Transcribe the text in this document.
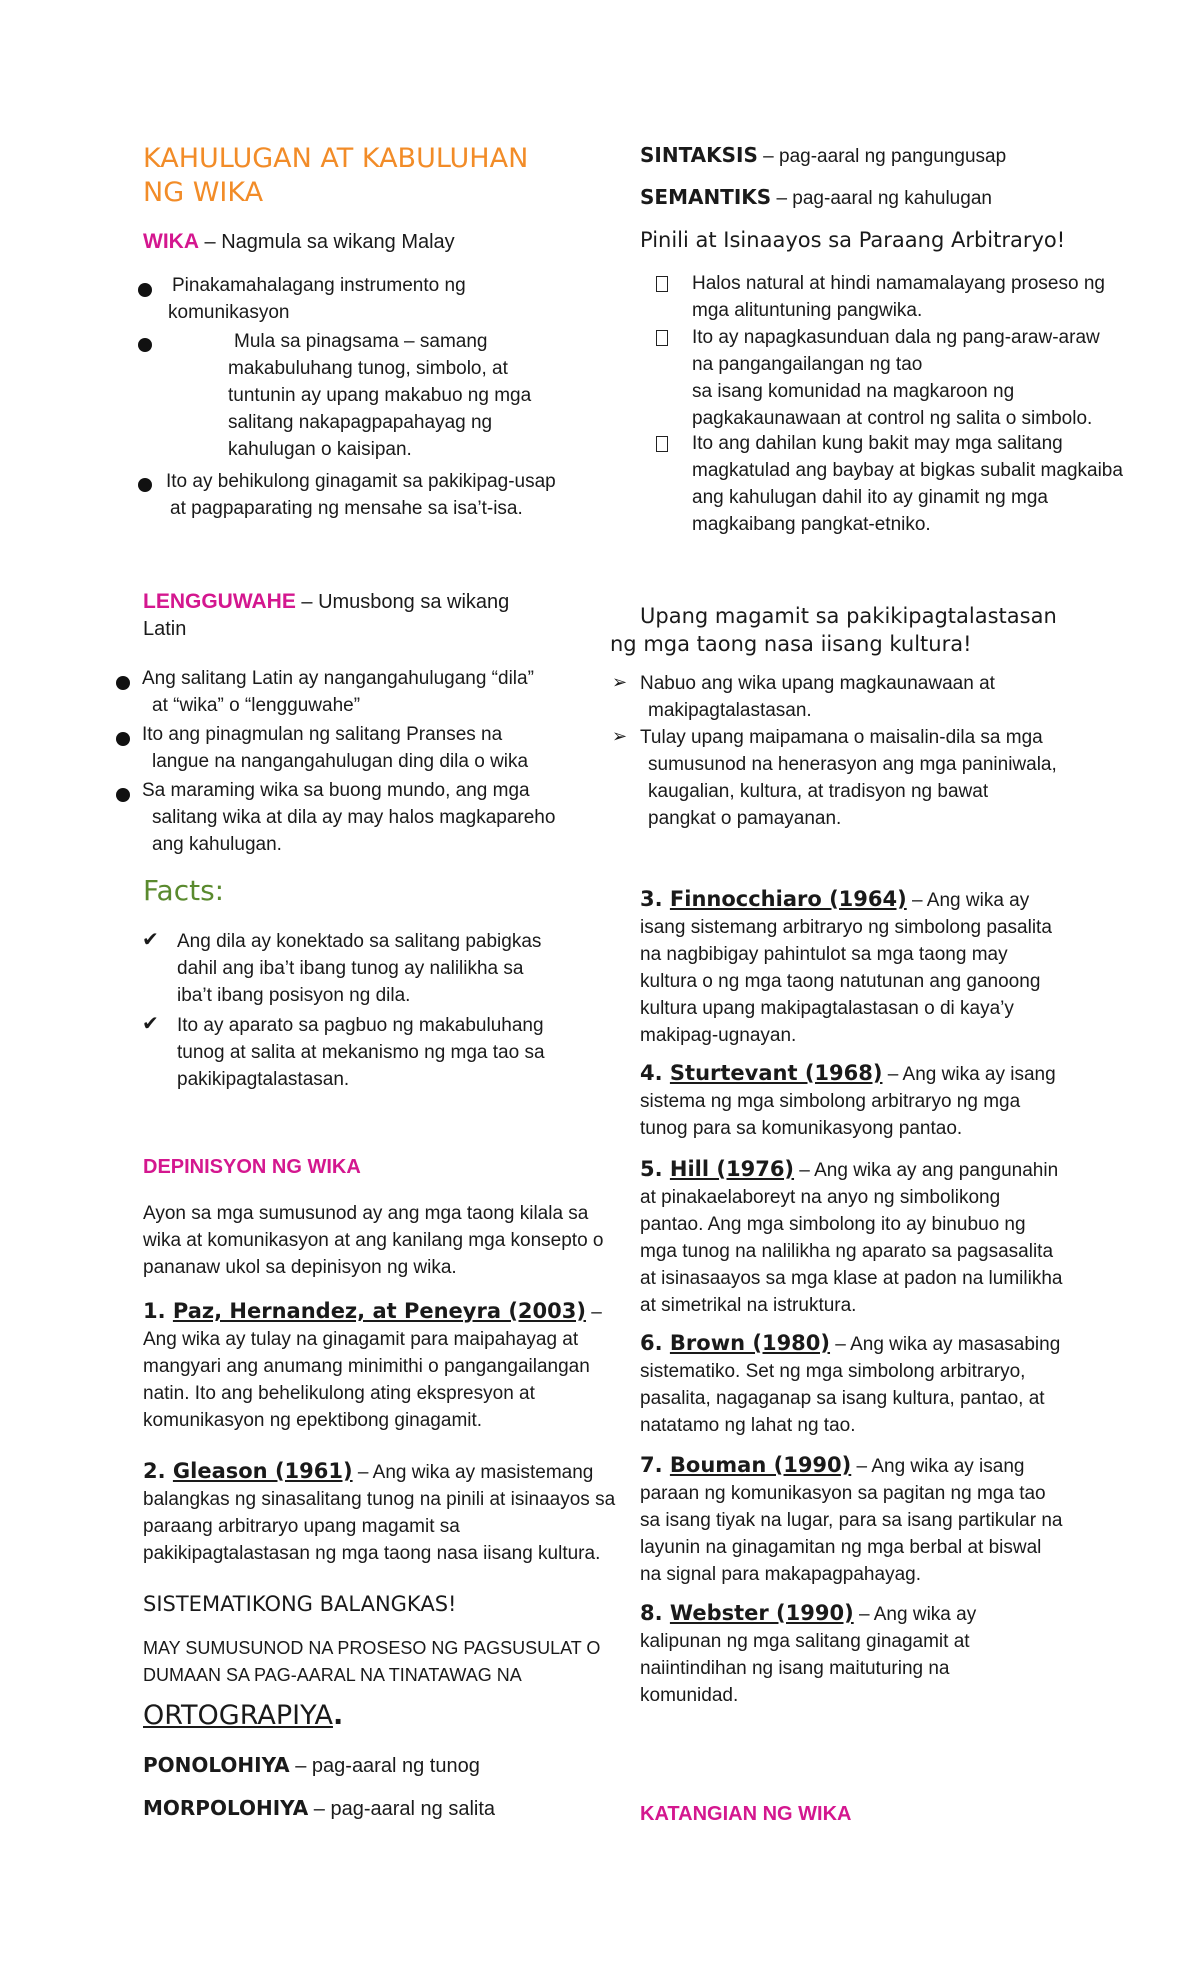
KAHULUGAN AT KABULUHAN
NG WIKA
WIKA – Nagmula sa wikang Malay
Pinakamahalagang instrumento ng
komunikasyon
Mula sa pinagsama – samang
makabuluhang tunog, simbolo, at
tuntunin ay upang makabuo ng mga
salitang nakapagpapahayag ng
kahulugan o kaisipan.
Ito ay behikulong ginagamit sa pakikipag-usap
at pagpaparating ng mensahe sa isa’t-isa.
LENGGUWAHE – Umusbong sa wikang
Latin
Ang salitang Latin ay nangangahulugang “dila”
at “wika” o “lengguwahe”
Ito ang pinagmulan ng salitang Pranses na
langue na nangangahulugan ding dila o wika
Sa maraming wika sa buong mundo, ang mga
salitang wika at dila ay may halos magkapareho
ang kahulugan.
Facts:
✔ Ang dila ay konektado sa salitang pabigkas
dahil ang iba’t ibang tunog ay nalilikha sa
iba’t ibang posisyon ng dila.
✔ Ito ay aparato sa pagbuo ng makabuluhang
tunog at salita at mekanismo ng mga tao sa
pakikipagtalastasan.
DEPINISYON NG WIKA
Ayon sa mga sumusunod ay ang mga taong kilala sa
wika at komunikasyon at ang kanilang mga konsepto o
pananaw ukol sa depinisyon ng wika.
1. Paz, Hernandez, at Peneyra (2003) –
Ang wika ay tulay na ginagamit para maipahayag at
mangyari ang anumang minimithi o pangangailangan
natin. Ito ang behelikulong ating ekspresyon at
komunikasyon ng epektibong ginagamit.
2. Gleason (1961) – Ang wika ay masistemang
balangkas ng sinasalitang tunog na pinili at isinaayos sa
paraang arbitraryo upang magamit sa
pakikipagtalastasan ng mga taong nasa iisang kultura.
SISTEMATIKONG BALANGKAS!
MAY SUMUSUNOD NA PROSESO NG PAGSUSULAT O
DUMAAN SA PAG-AARAL NA TINATAWAG NA
ORTOGRAPIYA.
PONOLOHIYA – pag-aaral ng tunog
MORPOLOHIYA – pag-aaral ng salita
SINTAKSIS – pag-aaral ng pangungusap
SEMANTIKS – pag-aaral ng kahulugan
Pinili at Isinaayos sa Paraang Arbitraryo!
Halos natural at hindi namamalayang proseso ng
mga alituntuning pangwika.
Ito ay napagkasunduan dala ng pang-araw-araw
na pangangailangan ng tao
sa isang komunidad na magkaroon ng
pagkakaunawaan at control ng salita o simbolo.
Ito ang dahilan kung bakit may mga salitang
magkatulad ang baybay at bigkas subalit magkaiba
ang kahulugan dahil ito ay ginamit ng mga
magkaibang pangkat-etniko.
Upang magamit sa pakikipagtalastasan
ng mga taong nasa iisang kultura!
➢ Nabuo ang wika upang magkaunawaan at
makipagtalastasan.
➢ Tulay upang maipamana o maisalin-dila sa mga
sumusunod na henerasyon ang mga paniniwala,
kaugalian, kultura, at tradisyon ng bawat
pangkat o pamayanan.
3. Finnocchiaro (1964) – Ang wika ay
isang sistemang arbitraryo ng simbolong pasalita
na nagbibigay pahintulot sa mga taong may
kultura o ng mga taong natutunan ang ganoong
kultura upang makipagtalastasan o di kaya’y
makipag-ugnayan.
4. Sturtevant (1968) – Ang wika ay isang
sistema ng mga simbolong arbitraryo ng mga
tunog para sa komunikasyong pantao.
5. Hill (1976) – Ang wika ay ang pangunahin
at pinakaelaboreyt na anyo ng simbolikong
pantao. Ang mga simbolong ito ay binubuo ng
mga tunog na nalilikha ng aparato sa pagsasalita
at isinasaayos sa mga klase at padon na lumilikha
at simetrikal na istruktura.
6. Brown (1980) – Ang wika ay masasabing
sistematiko. Set ng mga simbolong arbitraryo,
pasalita, nagaganap sa isang kultura, pantao, at
natatamo ng lahat ng tao.
7. Bouman (1990) – Ang wika ay isang
paraan ng komunikasyon sa pagitan ng mga tao
sa isang tiyak na lugar, para sa isang partikular na
layunin na ginagamitan ng mga berbal at biswal
na signal para makapagpahayag.
8. Webster (1990) – Ang wika ay
kalipunan ng mga salitang ginagamit at
naiintindihan ng isang maituturing na
komunidad.
KATANGIAN NG WIKA
